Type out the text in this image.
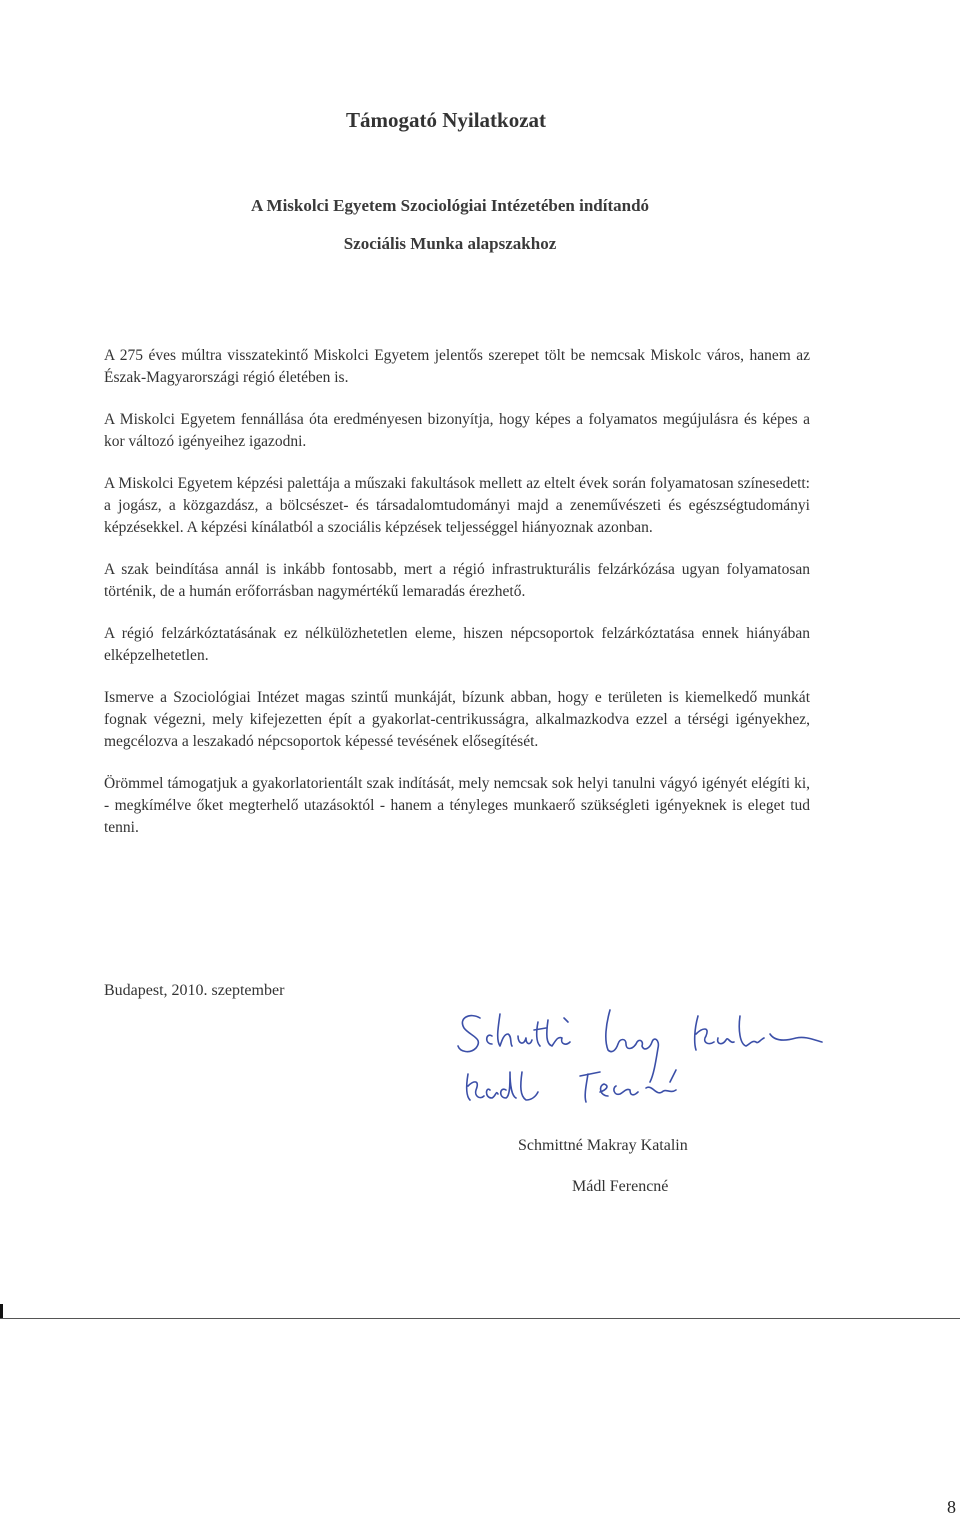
Támogató Nyilatkozat
A Miskolci Egyetem Szociológiai Intézetében indítandó
Szociális Munka alapszakhoz

A 275 éves múltra visszatekintő Miskolci Egyetem jelentős szerepet tölt be nemcsak Miskolc város, hanem az Észak-Magyarországi régió életében is.

A Miskolci Egyetem fennállása óta eredményesen bizonyítja, hogy képes a folyamatos megújulásra és képes a kor változó igényeihez igazodni.

A Miskolci Egyetem képzési palettája a műszaki fakultások mellett az eltelt évek során folyamatosan színesedett: a jogász, a közgazdász, a bölcsészet- és társadalomtudományi majd a zeneművészeti és egészségtudományi képzésekkel. A képzési kínálatból a szociális képzések teljességgel hiányoznak azonban.

A szak beindítása annál is inkább fontosabb, mert a régió infrastrukturális felzárkózása ugyan folyamatosan történik, de a humán erőforrásban nagymértékű lemaradás érezhető.

A régió felzárkóztatásának ez nélkülözhetetlen eleme, hiszen népcsoportok felzárkóztatása ennek hiányában elképzelhetetlen.

Ismerve a Szociológiai Intézet magas szintű munkáját, bízunk abban, hogy e területen is kiemelkedő munkát fognak végezni, mely kifejezetten épít a gyakorlat-centrikusságra, alkalmazkodva ezzel a térségi igényekhez, megcélozva a leszakadó népcsoportok képessé tevésének elősegítését.

Örömmel támogatjuk a gyakorlatorientált szak indítását, mely nemcsak sok helyi tanulni vágyó igényét elégíti ki, - megkímélve őket megterhelő utazásoktól - hanem a tényleges munkaerő szükségleti igényeknek is eleget tud tenni.

Budapest, 2010. szeptember
Schmittné Makray Katalin
Mádl Ferencné
8
